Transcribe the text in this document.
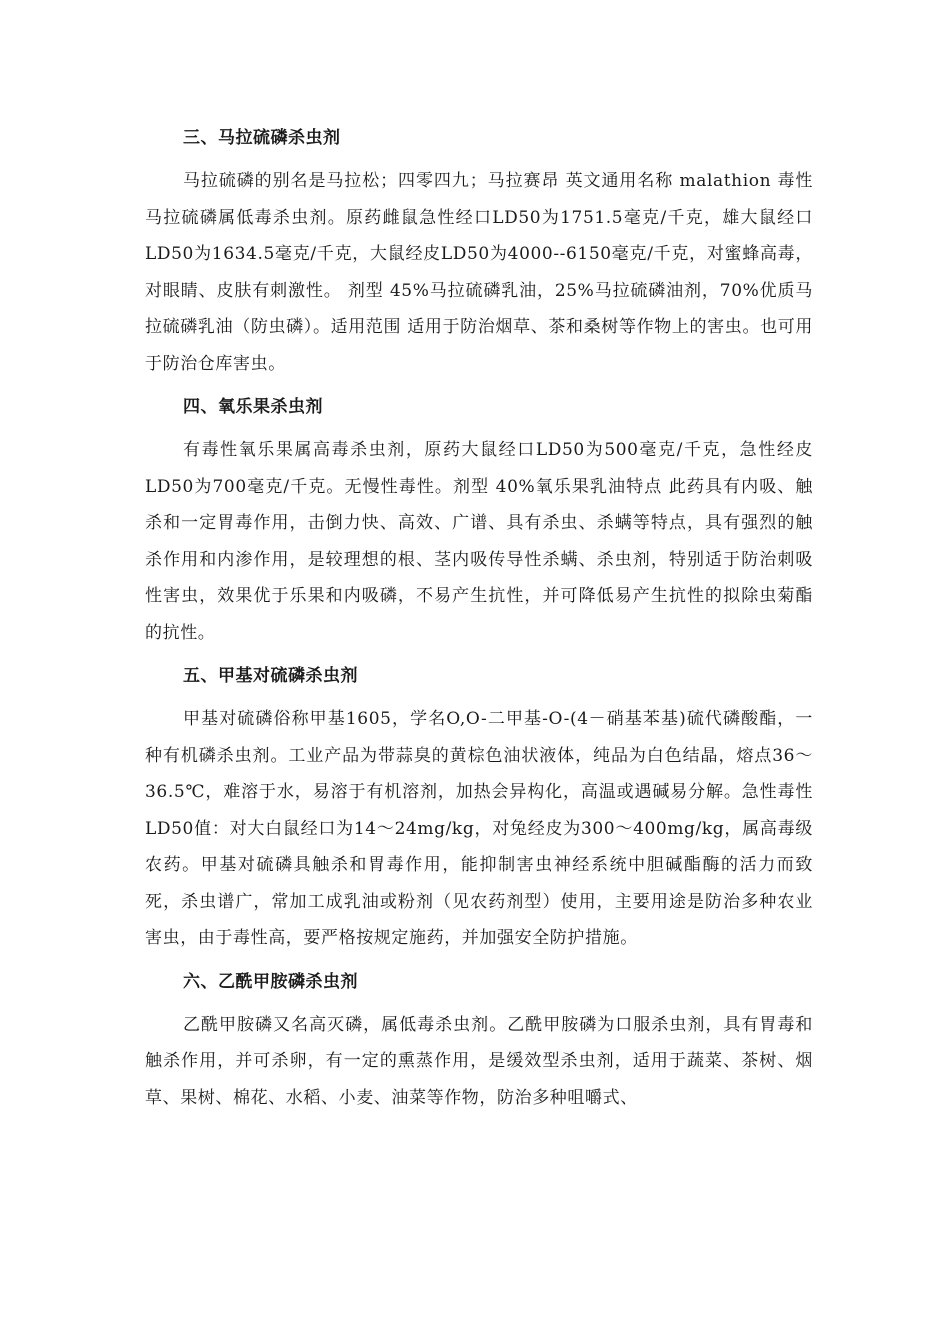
三、马拉硫磷杀虫剂

马拉硫磷的别名是马拉松；四零四九；马拉赛昂 英文通用名称 malathion 毒性 马拉硫磷属低毒杀虫剂。原药雌鼠急性经口LD50为1751.5毫克/千克，雄大鼠经口LD50为1634.5毫克/千克，大鼠经皮LD50为4000--6150毫克/千克，对蜜蜂高毒，对眼睛、皮肤有刺激性。 剂型 45%马拉硫磷乳油，25%马拉硫磷油剂，70%优质马拉硫磷乳油（防虫磷）。适用范围 适用于防治烟草、茶和桑树等作物上的害虫。也可用于防治仓库害虫。

四、氧乐果杀虫剂

有毒性氧乐果属高毒杀虫剂，原药大鼠经口LD50为500毫克/千克，急性经皮LD50为700毫克/千克。无慢性毒性。剂型 40%氧乐果乳油特点 此药具有内吸、触杀和一定胃毒作用，击倒力快、高效、广谱、具有杀虫、杀螨等特点，具有强烈的触杀作用和内渗作用，是较理想的根、茎内吸传导性杀螨、杀虫剂，特别适于防治刺吸性害虫，效果优于乐果和内吸磷，不易产生抗性，并可降低易产生抗性的拟除虫菊酯的抗性。

五、甲基对硫磷杀虫剂

甲基对硫磷俗称甲基1605，学名O,O-二甲基-O-(4－硝基苯基)硫代磷酸酯，一种有机磷杀虫剂。工业产品为带蒜臭的黄棕色油状液体，纯品为白色结晶，熔点36～36.5℃，难溶于水，易溶于有机溶剂，加热会异构化，高温或遇碱易分解。急性毒性LD50值：对大白鼠经口为14～24mg/kg，对兔经皮为300～400mg/kg，属高毒级农药。甲基对硫磷具触杀和胃毒作用，能抑制害虫神经系统中胆碱酯酶的活力而致死，杀虫谱广，常加工成乳油或粉剂（见农药剂型）使用，主要用途是防治多种农业害虫，由于毒性高，要严格按规定施药，并加强安全防护措施。

六、乙酰甲胺磷杀虫剂

乙酰甲胺磷又名高灭磷，属低毒杀虫剂。乙酰甲胺磷为口服杀虫剂，具有胃毒和触杀作用，并可杀卵，有一定的熏蒸作用，是缓效型杀虫剂，适用于蔬菜、茶树、烟草、果树、棉花、水稻、小麦、油菜等作物，防治多种咀嚼式、
